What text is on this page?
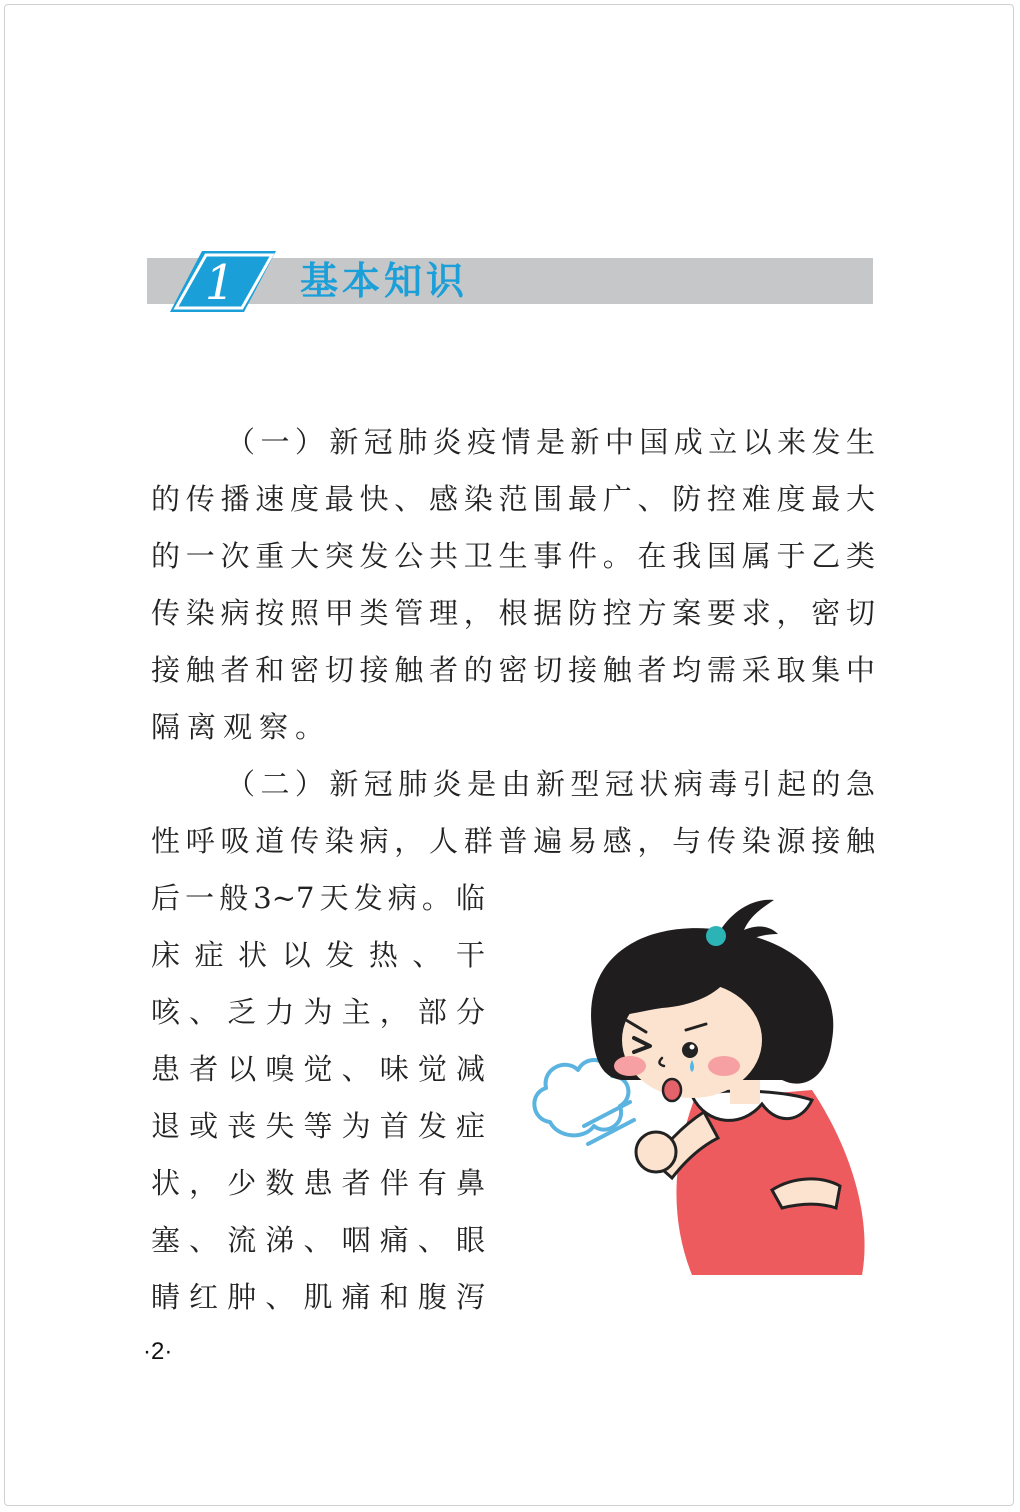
1 基本知识
（一）新冠肺炎疫情是新中国成立以来发生
的传播速度最快、感染范围最广、防控难度最大
的一次重大突发公共卫生事件。在我国属于乙类
传染病按照甲类管理，根据防控方案要求，密切
接触者和密切接触者的密切接触者均需采取集中
隔离观察。
（二）新冠肺炎是由新型冠状病毒引起的急
性呼吸道传染病，人群普遍易感，与传染源接触
后一般3~7天发病。临
床症状以发热、干
咳、乏力为主，部分
患者以嗅觉、味觉减
退或丧失等为首发症
状，少数患者伴有鼻
塞、流涕、咽痛、眼
睛红肿、肌痛和腹泻

·2·
